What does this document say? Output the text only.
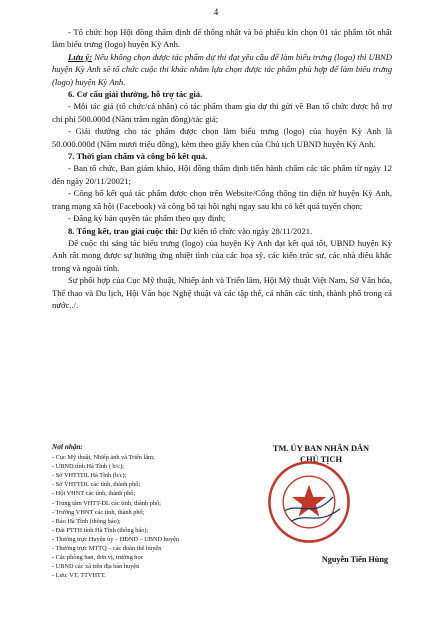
4

- Tổ chức họp Hội đồng thẩm định để thống nhất và bỏ phiếu kín chọn 01 tác phẩm tốt nhất làm biểu trưng (logo) huyện Kỳ Anh.

Lưu ý: Nếu không chọn được tác phẩm dự thi đạt yêu cầu để làm biểu trưng (logo) thì UBND huyện Kỳ Anh sẽ tổ chức cuộc thi khác nhằm lựa chọn được tác phẩm phù hợp để làm biểu trưng (logo) huyện Kỳ Anh.

6. Cơ cấu giải thưởng, hỗ trợ tác giả.

- Mỗi tác giả (tổ chức/cá nhân) có tác phẩm tham gia dự thi gửi về Ban tổ chức được hỗ trợ chi phí 500.000đ (Năm trăm ngàn đồng)/tác giả;

- Giải thưởng cho tác phẩm được chọn làm biểu trưng (logo) của huyện Kỳ Anh là 50.000.000đ (Năm mươi triệu đồng), kèm theo giấy khen của Chủ tịch UBND huyện Kỳ Anh.

7. Thời gian chấm và công bố kết quả.

- Ban tổ chức, Ban giám khảo, Hội đồng thẩm định tiến hành chấm các tác phẩm từ ngày 12 đến ngày 20/11/20021;

- Công bố kết quả tác phẩm được chọn trên Website/Cổng thông tin điện tử huyện Kỳ Anh, trang mạng xã hội (Facebook) và công bố tại hội nghị ngay sau khi có kết quả tuyển chọn;

- Đăng ký bản quyền tác phẩm theo quy định;

8. Tổng kết, trao giải cuộc thi: Dự kiến tổ chức vào ngày 28/11/2021.

Để cuộc thi sáng tác biểu trưng (logo) của huyện Kỳ Anh đạt kết quả tốt, UBND huyện Kỳ Anh rất mong được sự hưởng ứng nhiệt tình của các họa sỹ, các kiến trúc sư, các nhà điêu khắc trong và ngoài tỉnh.

Sự phối hợp của Cục Mỹ thuật, Nhiếp ảnh và Triển lãm, Hội Mỹ thuật Việt Nam, Sở Văn hóa, Thể thao và Du lịch, Hội Văn học Nghệ thuật và các tập thể, cá nhân các tỉnh, thành phố trong cả nước../.

Nơi nhận:
- Cục Mỹ thuật, Nhiếp ảnh và Triển lãm;
- UBND tỉnh Hà Tĩnh ( b/c);
- Sở VHTTDL Hà Tĩnh (b/c);
- Sở VHTTDL các tỉnh, thành phố;
- Hội VHNT các tỉnh, thành phố;
- Trung tâm VHTT-DL các tỉnh, thành phố;
- Trường VHNT các tỉnh, thành phố;
- Báo Hà Tĩnh (thông báo);
- Đài PTTH tỉnh Hà Tĩnh (thông báo);
- Thường trực Huyện ủy – HĐND – UBND huyện
- Thường trực MTTQ – các đoàn thể huyện
- Các phòng ban, đơn vị, trường học
- UBND các xã trên địa bàn huyện
- Lưu: VT, TTVHTT.
TM. ỦY BAN NHÂN DÂN
CHỦ TỊCH
Nguyễn Tiến Hùng
